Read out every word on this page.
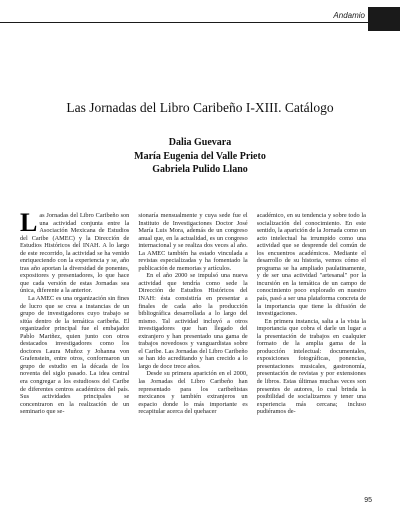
Andamio
Las Jornadas del Libro Caribeño I-XIII. Catálogo
Dalia Guevara
María Eugenia del Valle Prieto
Gabriela Pulido Llano

Las Jornadas del Libro Caribeño son una actividad conjunta entre la Asociación Mexicana de Estudios del Caribe (AMEC) y la Dirección de Estudios Históricos del INAH. A lo largo de este recorrido, la actividad se ha venido enriqueciendo con la experiencia y se, año tras año aportan la diversidad de ponentes, expositores y presentadores, lo que hace que cada versión de estas Jornadas sea única, diferente a la anterior.

La AMEC es una organización sin fines de lucro que se crea a instancias de un grupo de investigadores cuyo trabajo se sitúa dentro de la temática caribeña. El organizador principal fue el embajador Pablo Mariñez, quien junto con otros destacados investigadores como los doctores Laura Muñoz y Johanna von Grafenstein, entre otros, conformaron un grupo de estudio en la década de los noventa del siglo pasado. La idea central era congregar a los estudiosos del Caribe de diferentes centros académicos del país. Sus actividades principales se concentraron en la realización de un seminario que se-

sionaría mensualmente y cuya sede fue el Instituto de Investigaciones Doctor José María Luis Mora, además de un congreso anual que, en la actualidad, es un congreso internacional y se realiza dos veces al año. La AMEC también ha estado vinculada a revistas especializadas y ha fomentado la publicación de memorias y artículos.

En el año 2000 se impulsó una nueva actividad que tendría como sede la Dirección de Estudios Históricos del INAH: ésta consistiría en presentar a finales de cada año la producción bibliográfica desarrollada a lo largo del mismo. Tal actividad incluyó a otros investigadores que han llegado del extranjero y han presentado una gama de trabajos novedosos y vanguardistas sobre el Caribe. Las Jornadas del Libro Caribeño se han ido acreditando y han crecido a lo largo de doce trece años.

Desde su primera aparición en el 2000, las Jornadas del Libro Caribeño han representado para los caribeñistas mexicanos y también extranjeros un espacio donde lo más importante es recapitular acerca del quehacer

académico, en su tendencia y sobre todo la socialización del conocimiento. En este sentido, la aparición de la Jornada como un acto intelectual ha irrumpido como una actividad que se desprende del común de los encuentros académicos. Mediante el desarrollo de su historia, vemos cómo el programa se ha ampliado paulatinamente, y de ser una actividad "artesanal" por la incursión en la temática de un campo de conocimiento poco explorado en nuestro país, pasó a ser una plataforma concreta de la importancia que tiene la difusión de investigaciones.

En primera instancia, salta a la vista la importancia que cobra el darle un lugar a la presentación de trabajos en cualquier formato de la amplia gama de la producción intelectual: documentales, exposiciones fotográficas, ponencias, presentaciones musicales, gastronomía, presentación de revistas y por extensiones de libros. Estas últimas muchas veces son presentes de autores, lo cual brinda la posibilidad de socializarnos y tener una experiencia más cercana; incluso pudiéramos de-

95
